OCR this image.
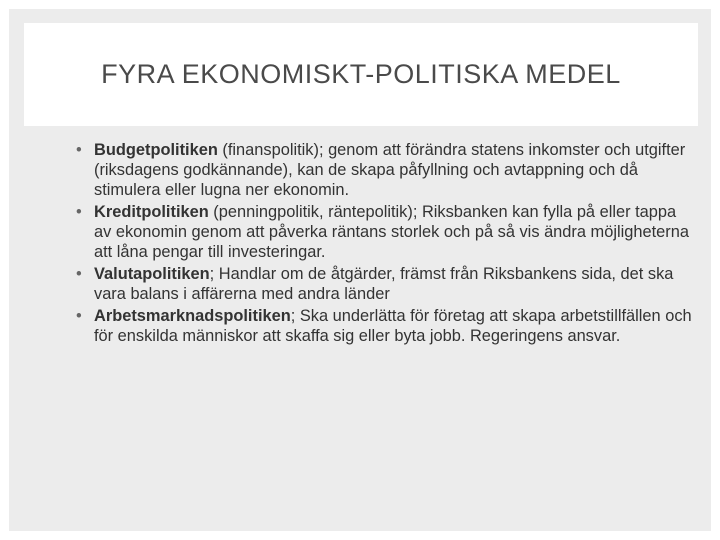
FYRA EKONOMISKT-POLITISKA MEDEL
• Budgetpolitiken (finanspolitik); genom att förändra statens inkomster och utgifter (riksdagens godkännande), kan de skapa påfyllning och avtappning och då stimulera eller lugna ner ekonomin.
• Kreditpolitiken (penningpolitik, räntepolitik); Riksbanken kan fylla på eller tappa av ekonomin genom att påverka räntans storlek och på så vis ändra möjligheterna att låna pengar till investeringar.
• Valutapolitiken; Handlar om de åtgärder, främst från Riksbankens sida, det ska vara balans i affärerna med andra länder
• Arbetsmarknadspolitiken; Ska underlätta för företag att skapa arbetstillfällen och för enskilda människor att skaffa sig eller byta jobb. Regeringens ansvar.
